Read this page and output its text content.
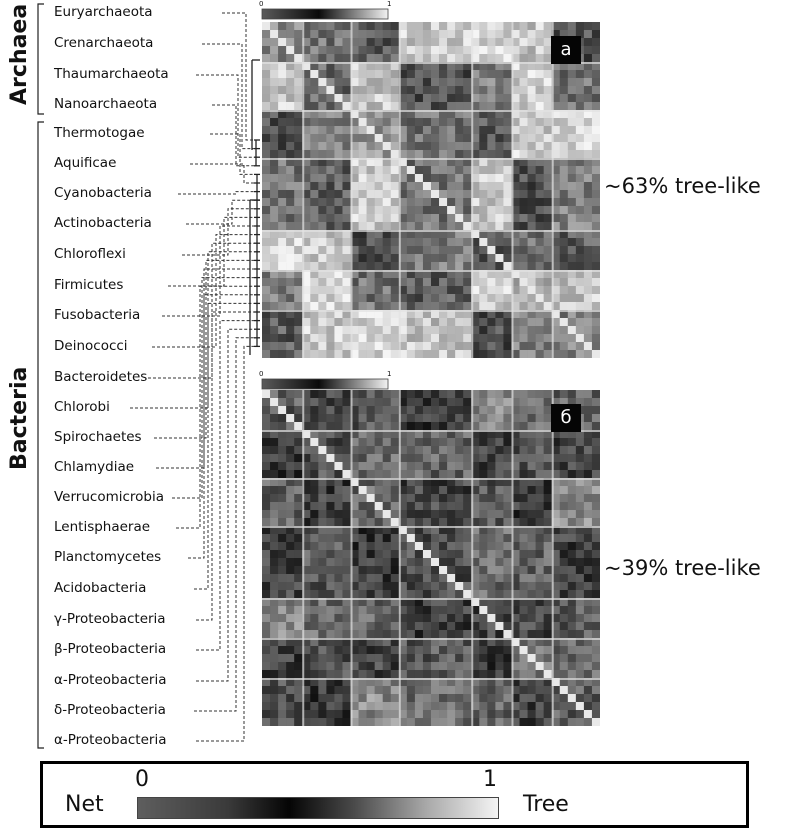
Archaea
Bacteria
Euryarchaeota
Crenarchaeota
Thaumarchaeota
Nanoarchaeota
Thermotogae
Aquificae
Cyanobacteria
Actinobacteria
Chloroflexi
Firmicutes
Fusobacteria
Deinococci
Bacteroidetes
Chlorobi
Spirochaetes
Chlamydiae
Verrucomicrobia
Lentisphaerae
Planctomycetes
Acidobacteria
γ-Proteobacteria
β-Proteobacteria
α-Proteobacteria
δ-Proteobacteria
α-Proteobacteria
0	1
a
~63% tree-like
0	1
б
~39% tree-like
0	1
Net	Tree
